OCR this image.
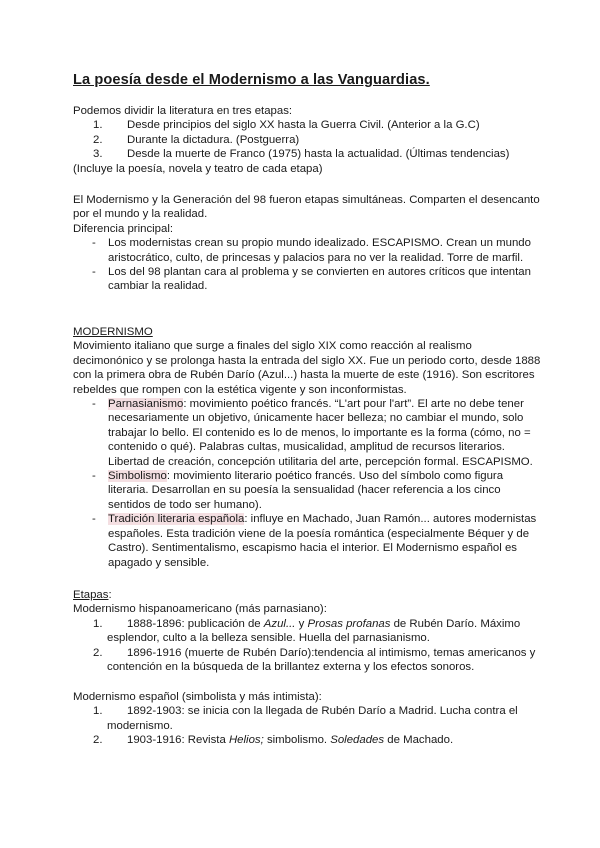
La poesía desde el Modernismo a las Vanguardias.
Podemos dividir la literatura en tres etapas:
1. Desde principios del siglo XX hasta la Guerra Civil. (Anterior a la G.C)
2. Durante la dictadura. (Postguerra)
3. Desde la muerte de Franco (1975) hasta la actualidad. (Últimas tendencias)
(Incluye la poesía, novela y teatro de cada etapa)
El Modernismo y la Generación del 98 fueron etapas simultáneas. Comparten el desencanto
por el mundo y la realidad.
Diferencia principal:
- Los modernistas crean su propio mundo idealizado. ESCAPISMO. Crean un mundo
aristocrático, culto, de princesas y palacios para no ver la realidad. Torre de marfil.
- Los del 98 plantan cara al problema y se convierten en autores críticos que intentan
cambiar la realidad.
MODERNISMO
Movimiento italiano que surge a finales del siglo XIX como reacción al realismo
decimonónico y se prolonga hasta la entrada del siglo XX. Fue un periodo corto, desde 1888
con la primera obra de Rubén Darío (Azul...) hasta la muerte de este (1916). Son escritores
rebeldes que rompen con la estética vigente y son inconformistas.
- Parnasianismo: movimiento poético francés. “L'art pour l'art”. El arte no debe tener
necesariamente un objetivo, únicamente hacer belleza; no cambiar el mundo, solo
trabajar lo bello. El contenido es lo de menos, lo importante es la forma (cómo, no =
contenido o qué). Palabras cultas, musicalidad, amplitud de recursos literarios.
Libertad de creación, concepción utilitaria del arte, percepción formal. ESCAPISMO.
- Simbolismo: movimiento literario poético francés. Uso del símbolo como figura
literaria. Desarrollan en su poesía la sensualidad (hacer referencia a los cinco
sentidos de todo ser humano).
- Tradición literaria española: influye en Machado, Juan Ramón... autores modernistas
españoles. Esta tradición viene de la poesía romántica (especialmente Béquer y de
Castro). Sentimentalismo, escapismo hacia el interior. El Modernismo español es
apagado y sensible.
Etapas:
Modernismo hispanoamericano (más parnasiano):
1. 1888-1896: publicación de Azul... y Prosas profanas de Rubén Darío. Máximo
esplendor, culto a la belleza sensible. Huella del parnasianismo.
2. 1896-1916 (muerte de Rubén Darío):tendencia al intimismo, temas americanos y
contención en la búsqueda de la brillantez externa y los efectos sonoros.
Modernismo español (simbolista y más intimista):
1. 1892-1903: se inicia con la llegada de Rubén Darío a Madrid. Lucha contra el
modernismo.
2. 1903-1916: Revista Helios; simbolismo. Soledades de Machado.
